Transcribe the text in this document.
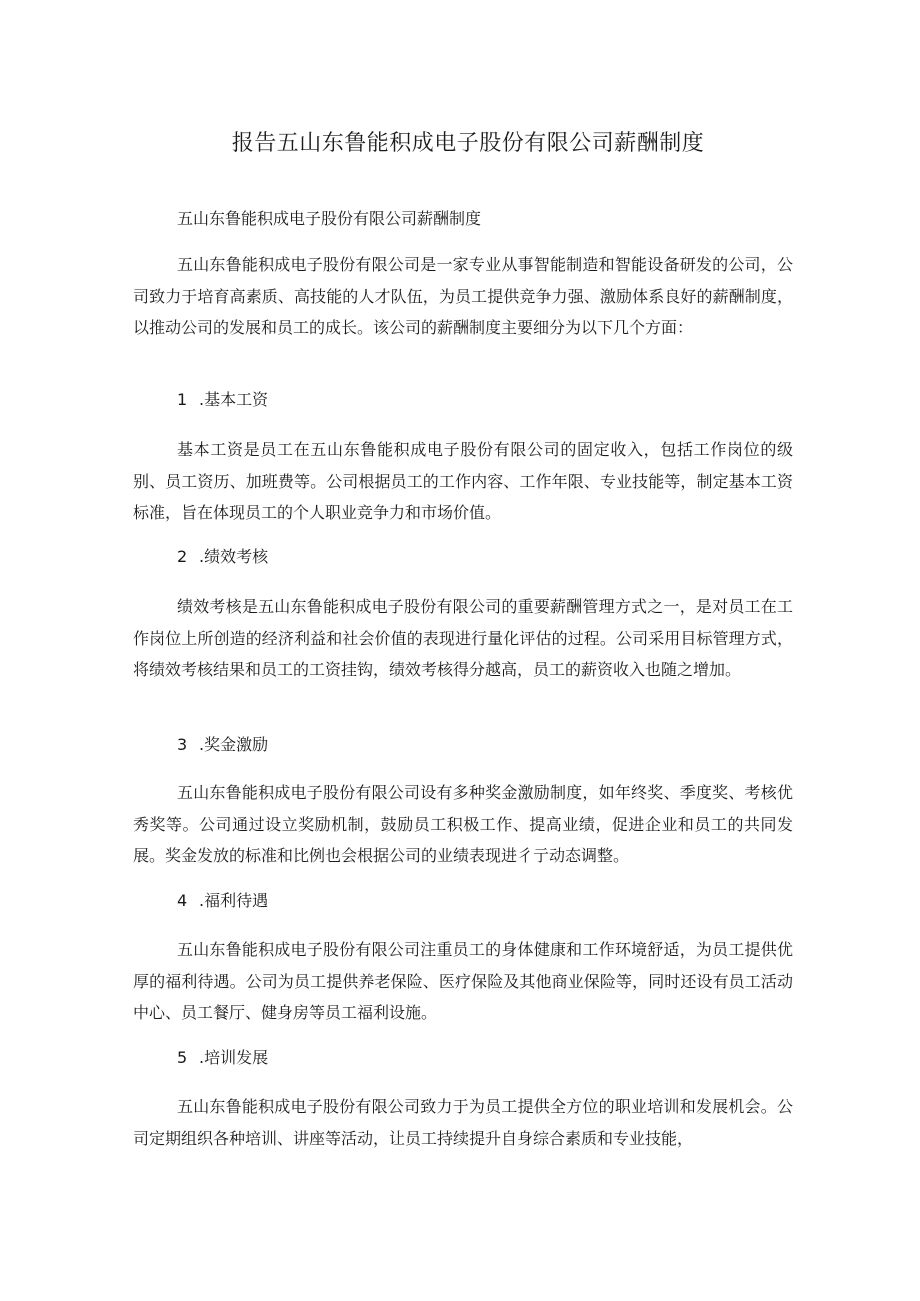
报告五山东鲁能积成电子股份有限公司薪酬制度

五山东鲁能积成电子股份有限公司薪酬制度

五山东鲁能积成电子股份有限公司是一家专业从事智能制造和智能设备研发的公司，公司致力于培育高素质、高技能的人才队伍，为员工提供竞争力强、激励体系良好的薪酬制度，以推动公司的发展和员工的成长。该公司的薪酬制度主要细分为以下几个方面：

1 .基本工资

基本工资是员工在五山东鲁能积成电子股份有限公司的固定收入，包括工作岗位的级别、员工资历、加班费等。公司根据员工的工作内容、工作年限、专业技能等，制定基本工资标准，旨在体现员工的个人职业竞争力和市场价值。

2 .绩效考核

绩效考核是五山东鲁能积成电子股份有限公司的重要薪酬管理方式之一，是对员工在工作岗位上所创造的经济利益和社会价值的表现进行量化评估的过程。公司采用目标管理方式，将绩效考核结果和员工的工资挂钩，绩效考核得分越高，员工的薪资收入也随之增加。

3 .奖金激励

五山东鲁能积成电子股份有限公司设有多种奖金激励制度，如年终奖、季度奖、考核优秀奖等。公司通过设立奖励机制，鼓励员工积极工作、提高业绩，促进企业和员工的共同发展。奖金发放的标准和比例也会根据公司的业绩表现进彳亍动态调整。

4 .福利待遇

五山东鲁能积成电子股份有限公司注重员工的身体健康和工作环境舒适，为员工提供优厚的福利待遇。公司为员工提供养老保险、医疗保险及其他商业保险等，同时还设有员工活动中心、员工餐厅、健身房等员工福利设施。

5 .培训发展

五山东鲁能积成电子股份有限公司致力于为员工提供全方位的职业培训和发展机会。公司定期组织各种培训、讲座等活动，让员工持续提升自身综合素质和专业技能，
